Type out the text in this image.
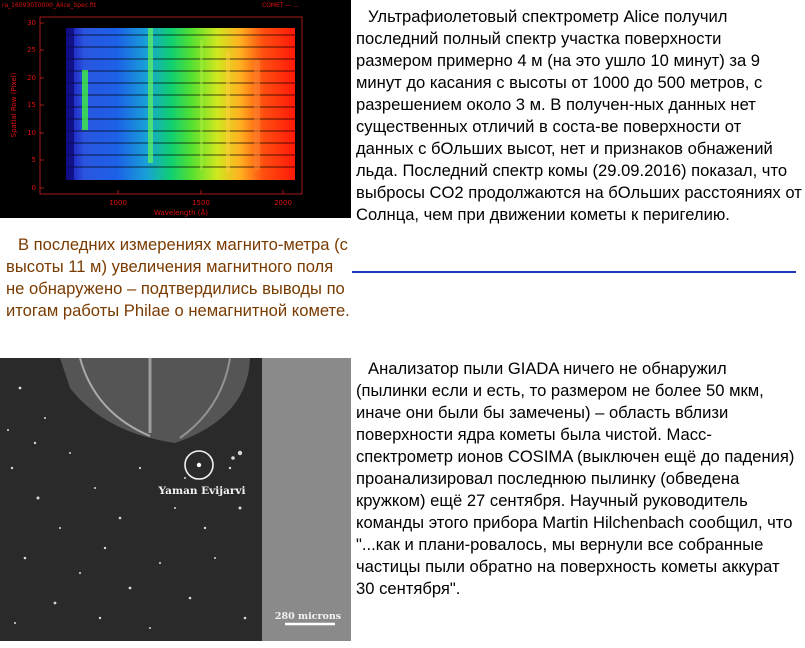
ra_160930T0000_Alice_Spec.fit	COMET — ...
0
5
10
15
20
25
30
Spatial Row (Pixel)
1000	1500	2000
Wavelength (Å)
Ультрафиолетовый спектрометр Alice получил последний полный спектр участка поверхности размером примерно 4 м (на это ушло 10 минут) за 9 минут до касания с высоты от 1000 до 500 метров, с разрешением около 3 м. В получен-ных данных нет существенных отличий в соста-ве поверхности от данных с бОльших высот, нет и признаков обнажений льда. Последний спектр комы (29.09.2016) показал, что выбросы CO2 продолжаются на бОльших расстояниях от Солнца, чем при движении кометы к перигелию.
В последних измерениях магнито-метра (с высоты 11 м) увеличения магнитного поля не обнаружено – подтвердились выводы по итогам работы Philae о немагнитной комете.
Yaman Evijarvi
280 microns
Анализатор пыли GIADA ничего не обнаружил (пылинки если и есть, то размером не более 50 мкм, иначе они были бы замечены) – область вблизи поверхности ядра кометы была чистой. Масс-спектрометр ионов COSIMA (выключен ещё до падения) проанализировал последнюю пылинку (обведена кружком) ещё 27 сентября. Научный руководитель команды этого прибора Martin Hilchenbach сообщил, что "...как и плани-ровалось, мы вернули все собранные частицы пыли обратно на поверхность кометы аккурат 30 сентября".
